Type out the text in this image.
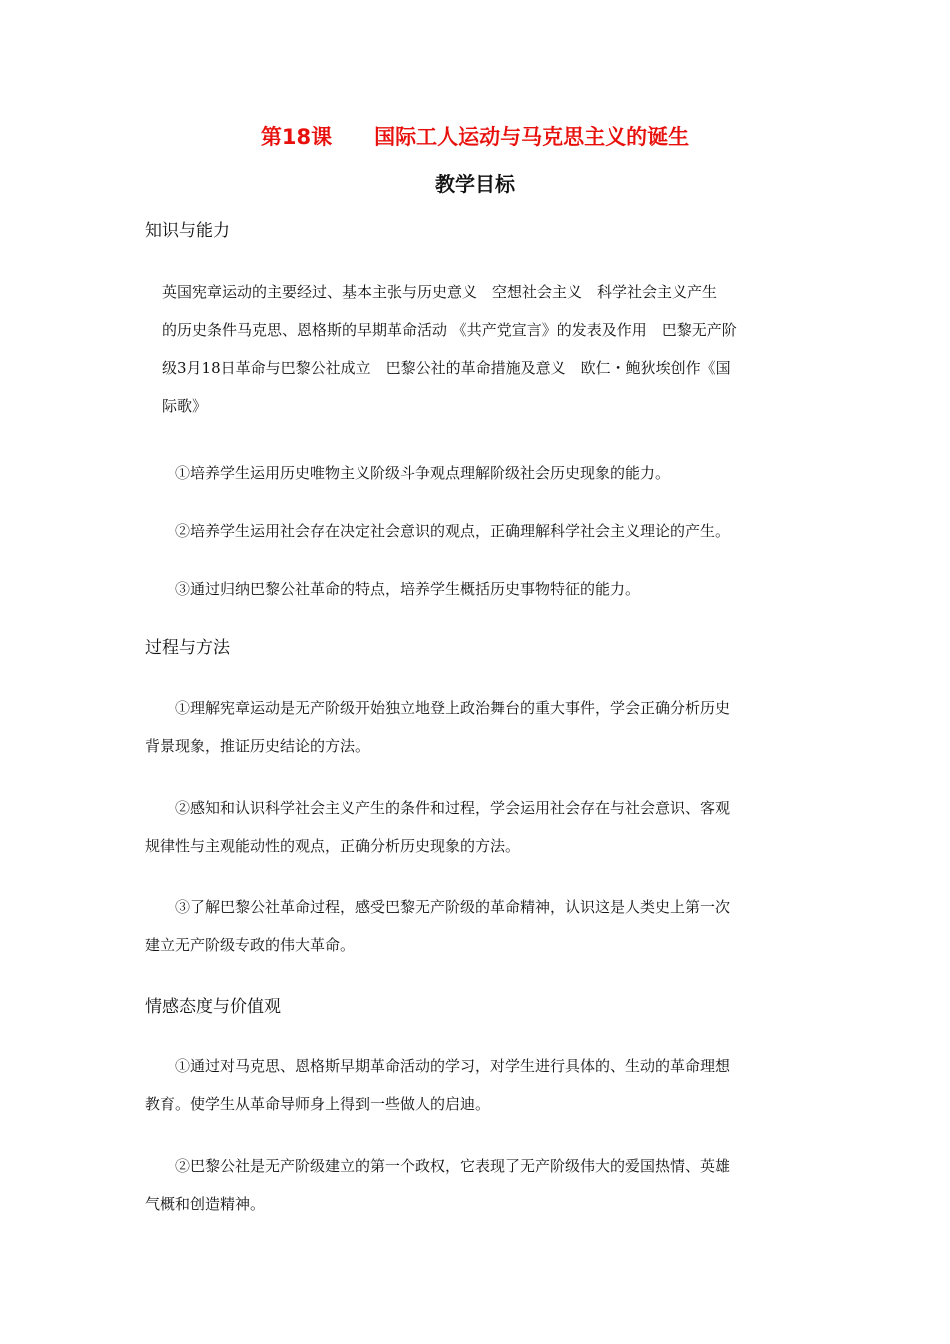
第18课　　国际工人运动与马克思主义的诞生
教学目标
知识与能力
英国宪章运动的主要经过、基本主张与历史意义　空想社会主义　科学社会主义产生
的历史条件马克思、恩格斯的早期革命活动 《共产党宣言》的发表及作用　巴黎无产阶
级3月18日革命与巴黎公社成立　巴黎公社的革命措施及意义　欧仁・鲍狄埃创作《国
际歌》
①培养学生运用历史唯物主义阶级斗争观点理解阶级社会历史现象的能力。
②培养学生运用社会存在决定社会意识的观点，正确理解科学社会主义理论的产生。
③通过归纳巴黎公社革命的特点，培养学生概括历史事物特征的能力。
过程与方法
①理解宪章运动是无产阶级开始独立地登上政治舞台的重大事件，学会正确分析历史
背景现象，推证历史结论的方法。
②感知和认识科学社会主义产生的条件和过程，学会运用社会存在与社会意识、客观
规律性与主观能动性的观点，正确分析历史现象的方法。
③了解巴黎公社革命过程，感受巴黎无产阶级的革命精神，认识这是人类史上第一次
建立无产阶级专政的伟大革命。
情感态度与价值观
①通过对马克思、恩格斯早期革命活动的学习，对学生进行具体的、生动的革命理想
教育。使学生从革命导师身上得到一些做人的启迪。
②巴黎公社是无产阶级建立的第一个政权，它表现了无产阶级伟大的爱国热情、英雄
气概和创造精神。
